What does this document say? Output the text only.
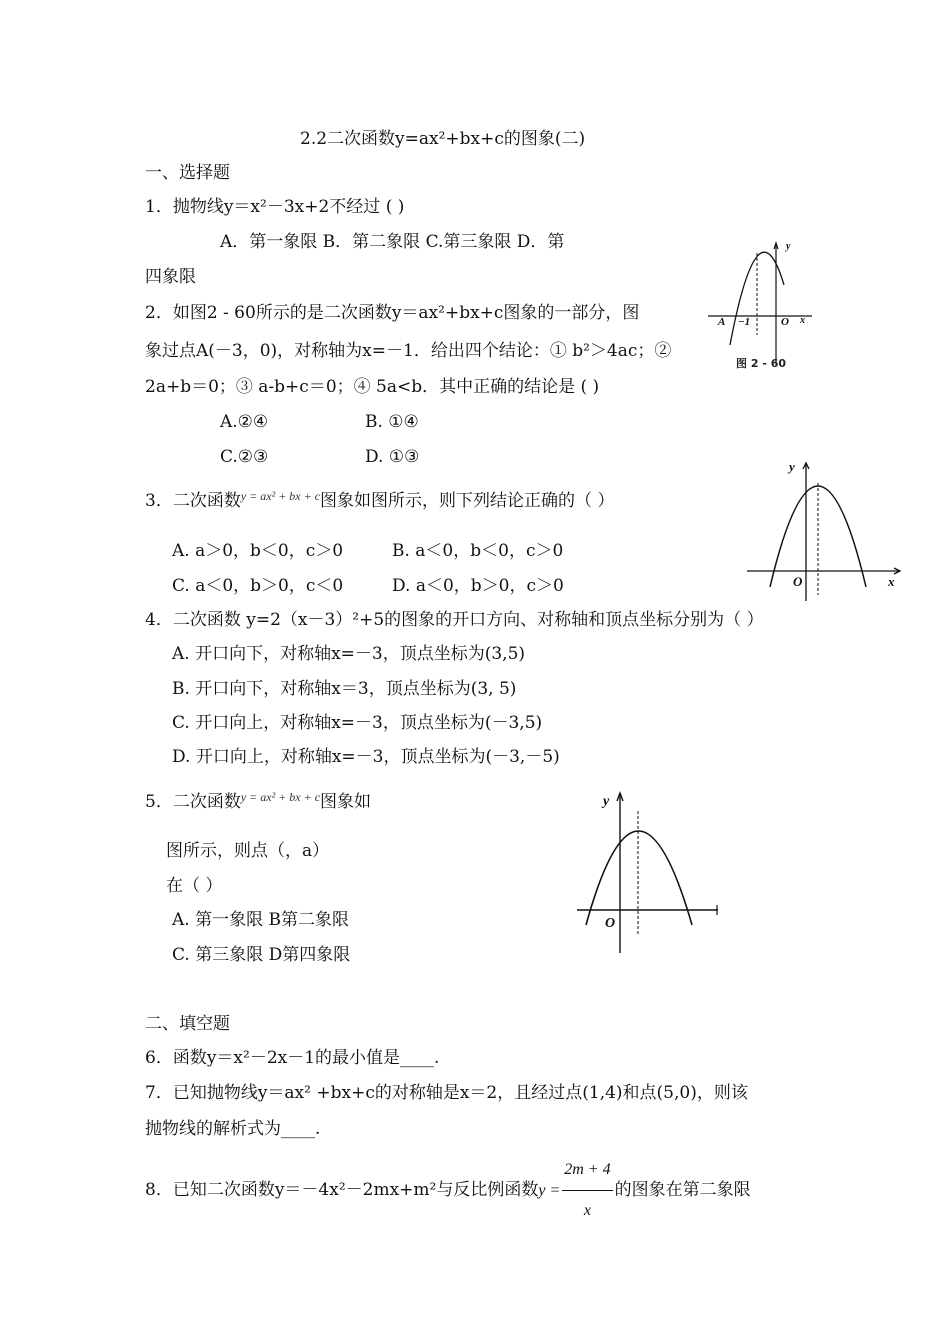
2.2二次函数y=ax²+bx+c的图象(二)
一、选择题
1．抛物线y＝x²－3x+2不经过 ( )
A．第一象限 B．第二象限 C.第三象限 D．第
四象限
2．如图2 - 60所示的是二次函数y＝ax²+bx+c图象的一部分，图
象过点A(－3，0)，对称轴为x=－1．给出四个结论：① b²＞4ac；②
2a+b＝0；③ a-b+c＝0；④ 5a<b．其中正确的结论是 ( )
A.②④	B. ①④
C.②③	D. ①③
y
A −1	O x
图 2 - 60
3．二次函数$^{y = ax^2 + bx + c}$图象如图所示，则下列结论正确的（ ）
A. a＞0，b＜0，c＞0	B. a＜0，b＜0，c＞0
C. a＜0，b＞0，c＜0	D. a＜0，b＞0，c＞0
y
O	x
4．二次函数 y=2（x－3）²+5的图象的开口方向、对称轴和顶点坐标分别为（ ）
A. 开口向下，对称轴x=－3，顶点坐标为(3,5)
B. 开口向下，对称轴x＝3，顶点坐标为(3, 5)
C. 开口向上，对称轴x=－3，顶点坐标为(－3,5)
D. 开口向上，对称轴x=－3，顶点坐标为(－3,－5)
5．二次函数$^{y = ax^2 + bx + c}$图象如
图所示，则点（，a）
在（ ）
A. 第一象限 B第二象限
C. 第三象限 D第四象限
y
O
二、填空题
6．函数y＝x²－2x－1的最小值是____.
7．已知抛物线y＝ax² +bx+c的对称轴是x＝2，且经过点(1,4)和点(5,0)，则该
抛物线的解析式为____.
8．已知二次函数y＝－4x²－2mx+m²与反比例函数$y = \frac{2m + 4}{x}$ 的图象在第二象限
